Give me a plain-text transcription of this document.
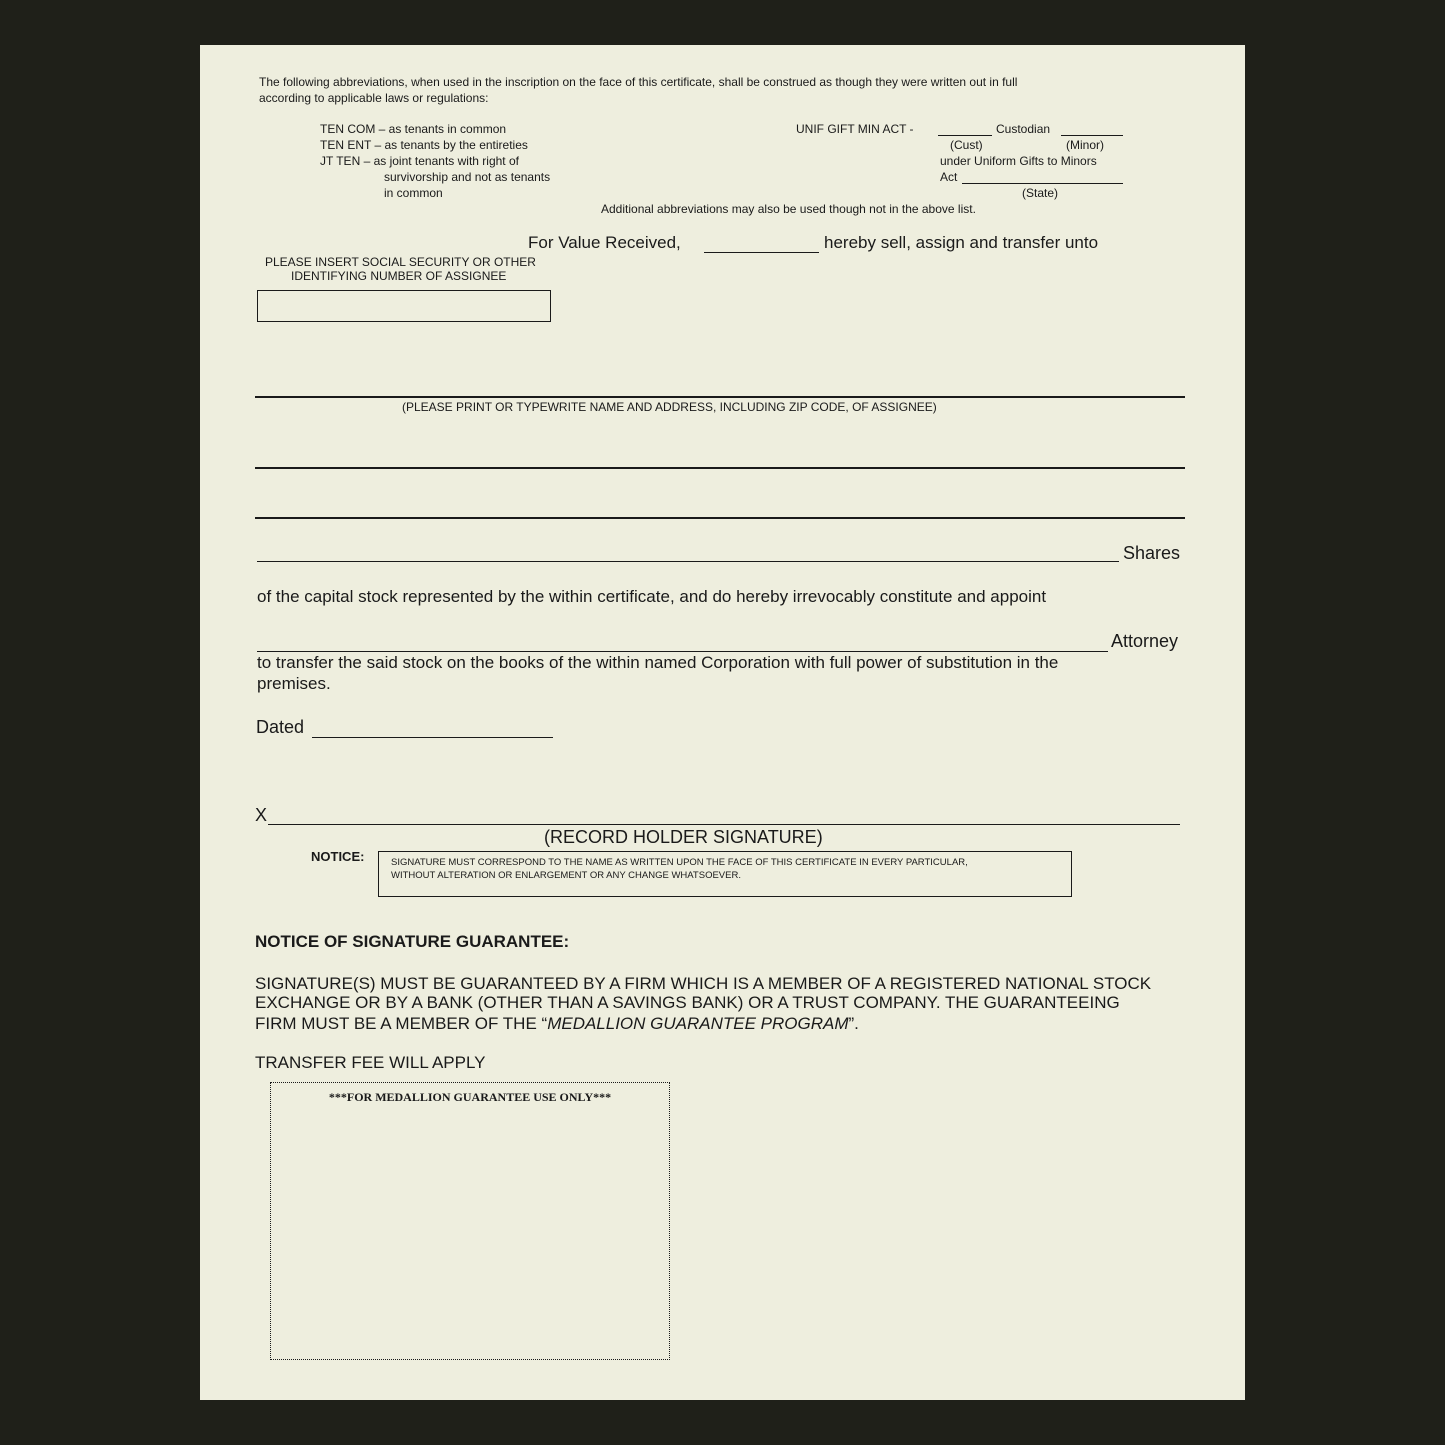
The following abbreviations, when used in the inscription on the face of this certificate, shall be construed as though they were written out in full
according to applicable laws or regulations:
TEN COM – as tenants in common
TEN ENT – as tenants by the entireties
JT TEN – as joint tenants with right of
survivorship and not as tenants
in common
UNIF GIFT MIN ACT -	Custodian
(Cust)	(Minor)
under Uniform Gifts to Minors
Act
(State)
Additional abbreviations may also be used though not in the above list.
For Value Received,	hereby sell, assign and transfer unto
PLEASE INSERT SOCIAL SECURITY OR OTHER
IDENTIFYING NUMBER OF ASSIGNEE
(PLEASE PRINT OR TYPEWRITE NAME AND ADDRESS, INCLUDING ZIP CODE, OF ASSIGNEE)
Shares
of the capital stock represented by the within certificate, and do hereby irrevocably constitute and appoint
Attorney
to transfer the said stock on the books of the within named Corporation with full power of substitution in the
premises.
Dated
X
(RECORD HOLDER SIGNATURE)
NOTICE:	SIGNATURE MUST CORRESPOND TO THE NAME AS WRITTEN UPON THE FACE OF THIS CERTIFICATE IN EVERY PARTICULAR,
WITHOUT ALTERATION OR ENLARGEMENT OR ANY CHANGE WHATSOEVER.
NOTICE OF SIGNATURE GUARANTEE:
SIGNATURE(S) MUST BE GUARANTEED BY A FIRM WHICH IS A MEMBER OF A REGISTERED NATIONAL STOCK
EXCHANGE OR BY A BANK (OTHER THAN A SAVINGS BANK) OR A TRUST COMPANY. THE GUARANTEEING
FIRM MUST BE A MEMBER OF THE “MEDALLION GUARANTEE PROGRAM”.
TRANSFER FEE WILL APPLY
***FOR MEDALLION GUARANTEE USE ONLY***
